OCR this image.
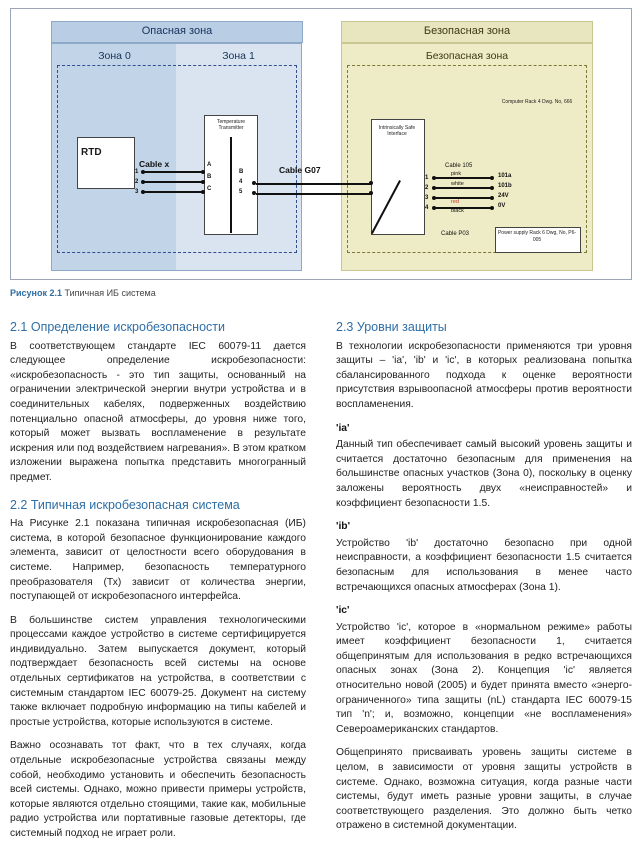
Опасная зона	Безопасная зона
Зона 0	Зона 1	Безопасная зона
RTD
1
2
3
Cable x
Temperature Transmitter
A
B
C
B
4
5
Cable G07
Intrinsically Safe Interface
1
2
3
4
Cable 105
Cable P03
pink
white
red
black
101a
101b
24V
0V
Computer Rack 4 Dwg. No, 666
Power supply Rack 6 Dwg, No, P6-005
Рисунок 2.1 Типичная ИБ система
2.1 Определение искробезопасности

В соответствующем стандарте IEC 60079-11 дается следующее определение искробезопасности: «искробезопасность - это тип защиты, основанный на ограничении электрической энергии внутри устройства и в соединительных кабелях, подверженных воздействию потенциально опасной атмосферы, до уровня ниже того, который может вызвать воспламенение в результате искрения или под воздействием нагревания». В этом кратком изложении выражена попытка представить многогранный предмет.

2.2 Типичная искробезопасная система

На Рисунке 2.1 показана типичная искробезопасная (ИБ) система, в которой безопасное функционирование каждого элемента, зависит от целостности всего оборудования в системе. Например, безопасность температурного преобразователя (Тх) зависит от количества энергии, поступающей от искробезопасного интерфейса.

В большинстве систем управления технологическими процессами каждое устройство в системе сертифицируется индивидуально. Затем выпускается документ, который подтверждает безопасность всей системы на основе отдельных сертификатов на устройства, в соответствии с системным стандартом IEC 60079-25. Документ на систему также включает подробную информацию на типы кабелей и простые устройства, которые используются в системе.

Важно осознавать тот факт, что в тех случаях, когда отдельные искробезопасные устройства связаны между собой, необходимо установить и обеспечить безопасность всей системы. Однако, можно привести примеры устройств, которые являются отдельно стоящими, такие как, мобильные радио устройства или портативные газовые детекторы, где системный подход не играет роли.

2.3 Уровни защиты

В технологии искробезопасности применяются три уровня защиты – 'ia', 'ib' и 'ic', в которых реализована попытка сбалансированного подхода к оценке вероятности присутствия взрывоопасной атмосферы против вероятности воспламенения.

'ia'

Данный тип обеспечивает самый высокий уровень защиты и считается достаточно безопасным для применения на большинстве опасных участков (Зона 0), поскольку в оценку заложены вероятность двух «неисправностей» и коэффициент безопасности 1.5.

'ib'

Устройство 'ib' достаточно безопасно при одной неисправности, а коэффициент безопасности 1.5 считается безопасным для использования в менее часто встречающихся опасных атмосферах (Зона 1).

'ic'

Устройство 'ic', которое в «нормальном режиме» работы имеет коэффициент безопасности 1, считается общепринятым для использования в редко встречающихся опасных зонах (Зона 2). Концепция 'ic' является относительно новой (2005) и будет принята вместо «энерго-ограниченного» типа защиты (nL) стандарта IEC 60079-15 тип 'n'; и, возможно, концепции «не воспламенения» Североамериканских стандартов.

Общепринято присваивать уровень защиты системе в целом, в зависимости от уровня защиты устройств в системе. Однако, возможна ситуация, когда разные части системы, будут иметь разные уровни защиты, в случае соответствующего разделения. Это должно быть четко отражено в системной документации.
